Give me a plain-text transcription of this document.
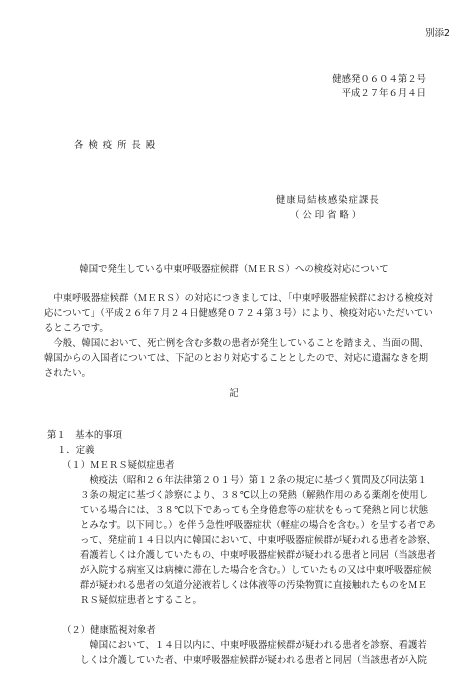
別添2
健感発０６０４第２号
平成２７年６月４日
各 検 疫 所 長 殿
健康局結核感染症課長
（ 公 印 省 略 ）
韓国で発生している中東呼吸器症候群（ＭＥＲＳ）への検疫対応について
中東呼吸器症候群（ＭＥＲＳ）の対応につきましては、「中東呼吸器症候群における検疫対応について」（平成２６年７月２４日健感発０７２４第３号）により、検疫対応いただいているところです。
今般、韓国において、死亡例を含む多数の患者が発生していることを踏まえ、当面の間、韓国からの入国者については、下記のとおり対応することとしたので、対応に遺漏なきを期されたい。
記
第１　基本的事項
１．定義
（１）ＭＥＲＳ疑似症患者
検疫法（昭和２６年法律第２０１号）第１２条の規定に基づく質問及び同法第１３条の規定に基づく診察により、３８℃以上の発熱（解熱作用のある薬剤を使用している場合には、３８℃以下であっても全身倦怠等の症状をもって発熱と同じ状態とみなす。以下同じ。）を伴う急性呼吸器症状（軽症の場合を含む。）を呈する者であって、発症前１４日以内に韓国において、中東呼吸器症候群が疑われる患者を診察、看護若しくは介護していたもの、中東呼吸器症候群が疑われる患者と同居（当該患者が入院する病室又は病棟に滞在した場合を含む。）していたもの又は中東呼吸器症候群が疑われる患者の気道分泌液若しくは体液等の汚染物質に直接触れたものをＭＥＲＳ疑似症患者とすること。
（２）健康監視対象者
韓国において、１４日以内に、中東呼吸器症候群が疑われる患者を診察、看護若しくは介護していた者、中東呼吸器症候群が疑われる患者と同居（当該患者が入院
